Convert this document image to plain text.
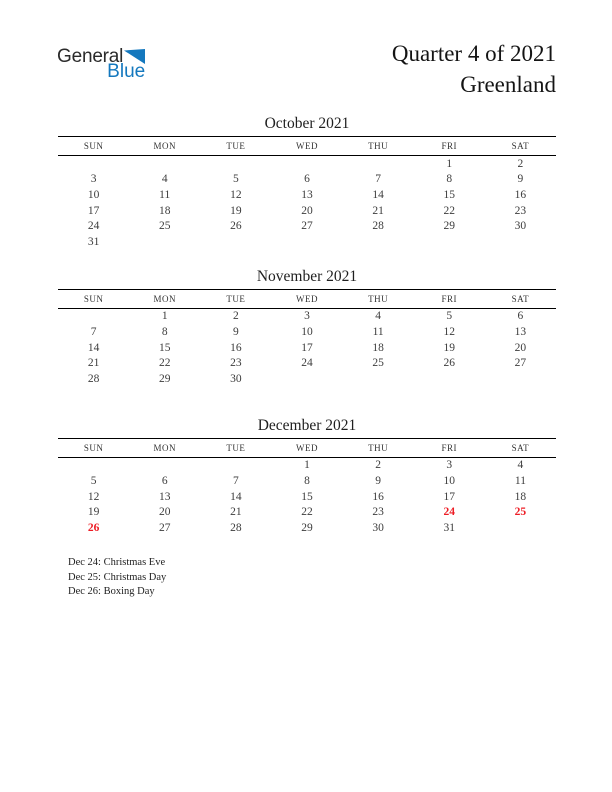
General
Blue
Quarter 4 of 2021
Greenland
October 2021
SUN	MON	TUE	WED	THU	FRI	SAT
					1	2
3	4	5	6	7	8	9
10	11	12	13	14	15	16
17	18	19	20	21	22	23
24	25	26	27	28	29	30
31						
November 2021
SUN	MON	TUE	WED	THU	FRI	SAT
	1	2	3	4	5	6
7	8	9	10	11	12	13
14	15	16	17	18	19	20
21	22	23	24	25	26	27
28	29	30				
December 2021
SUN	MON	TUE	WED	THU	FRI	SAT
			1	2	3	4
5	6	7	8	9	10	11
12	13	14	15	16	17	18
19	20	21	22	23	24	25
26	27	28	29	30	31	
Dec 24: Christmas Eve
Dec 25: Christmas Day
Dec 26: Boxing Day
